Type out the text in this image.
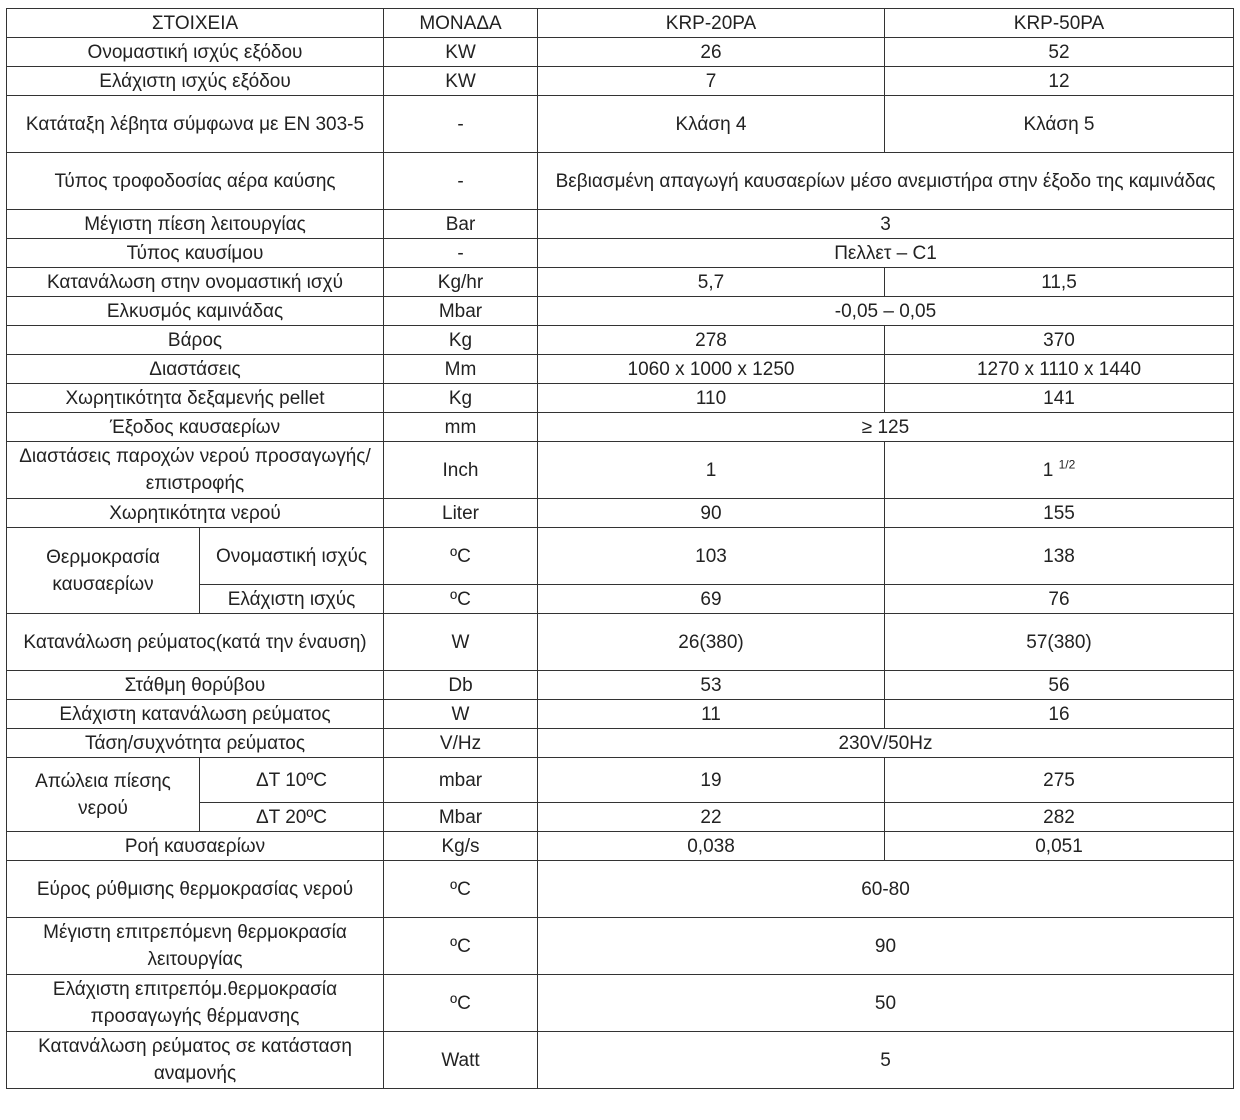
ΣΤΟΙΧΕΙΑ		ΜΟΝΑΔΑ	KRP-20PA	KRP-50PA
Ονομαστική ισχύς εξόδου		KW	26	52
Ελάχιστη ισχύς εξόδου		KW	7	12
Κατάταξη λέβητα σύμφωνα με EN 303-5		-	Κλάση 4	Κλάση 5
Τύπος τροφοδοσίας αέρα καύσης		-	Βεβιασμένη απαγωγή καυσαερίων μέσο ανεμιστήρα στην έξοδο της καμινάδας	
Μέγιστη πίεση λειτουργίας		Bar	3	
Τύπος καυσίμου		-	Πελλετ – C1	
Κατανάλωση στην ονομαστική ισχύ		Kg/hr	5,7	11,5
Ελκυσμός καμινάδας		Mbar	-0,05 – 0,05	
Βάρος		Kg	278	370
Διαστάσεις		Mm	1060 x 1000 x 1250	1270 x 1110 x 1440
Χωρητικότητα δεξαμενής pellet		Kg	110	141
Έξοδος καυσαερίων		mm	≥ 125	
Διαστάσεις παροχών νερού προσαγωγής/επιστροφής		Inch	1	1 $^{1/2}$
Χωρητικότητα νερού		Liter	90	155
Θερμοκρασία καυσαερίων	Ονομαστική ισχύς	ºC	103	138
	Ελάχιστη ισχύς	ºC	69	76
Κατανάλωση ρεύματος(κατά την έναυση)		W	26(380)	57(380)
Στάθμη θορύβου		Db	53	56
Ελάχιστη κατανάλωση ρεύματος		W	11	16
Τάση/συχνότητα ρεύματος		V/Hz	230V/50Hz	
Απώλεια πίεσης νερού	ΔT 10ºC	mbar	19	275
	ΔT 20ºC	Mbar	22	282
Ροή καυσαερίων		Kg/s	0,038	0,051
Εύρος ρύθμισης θερμοκρασίας νερού		ºC	60-80	
Μέγιστη επιτρεπόμενη θερμοκρασία λειτουργίας		ºC	90	
Ελάχιστη επιτρεπόμ.θερμοκρασία προσαγωγής θέρμανσης		ºC	50	
Κατανάλωση ρεύματος σε κατάσταση αναμονής		Watt	5	
